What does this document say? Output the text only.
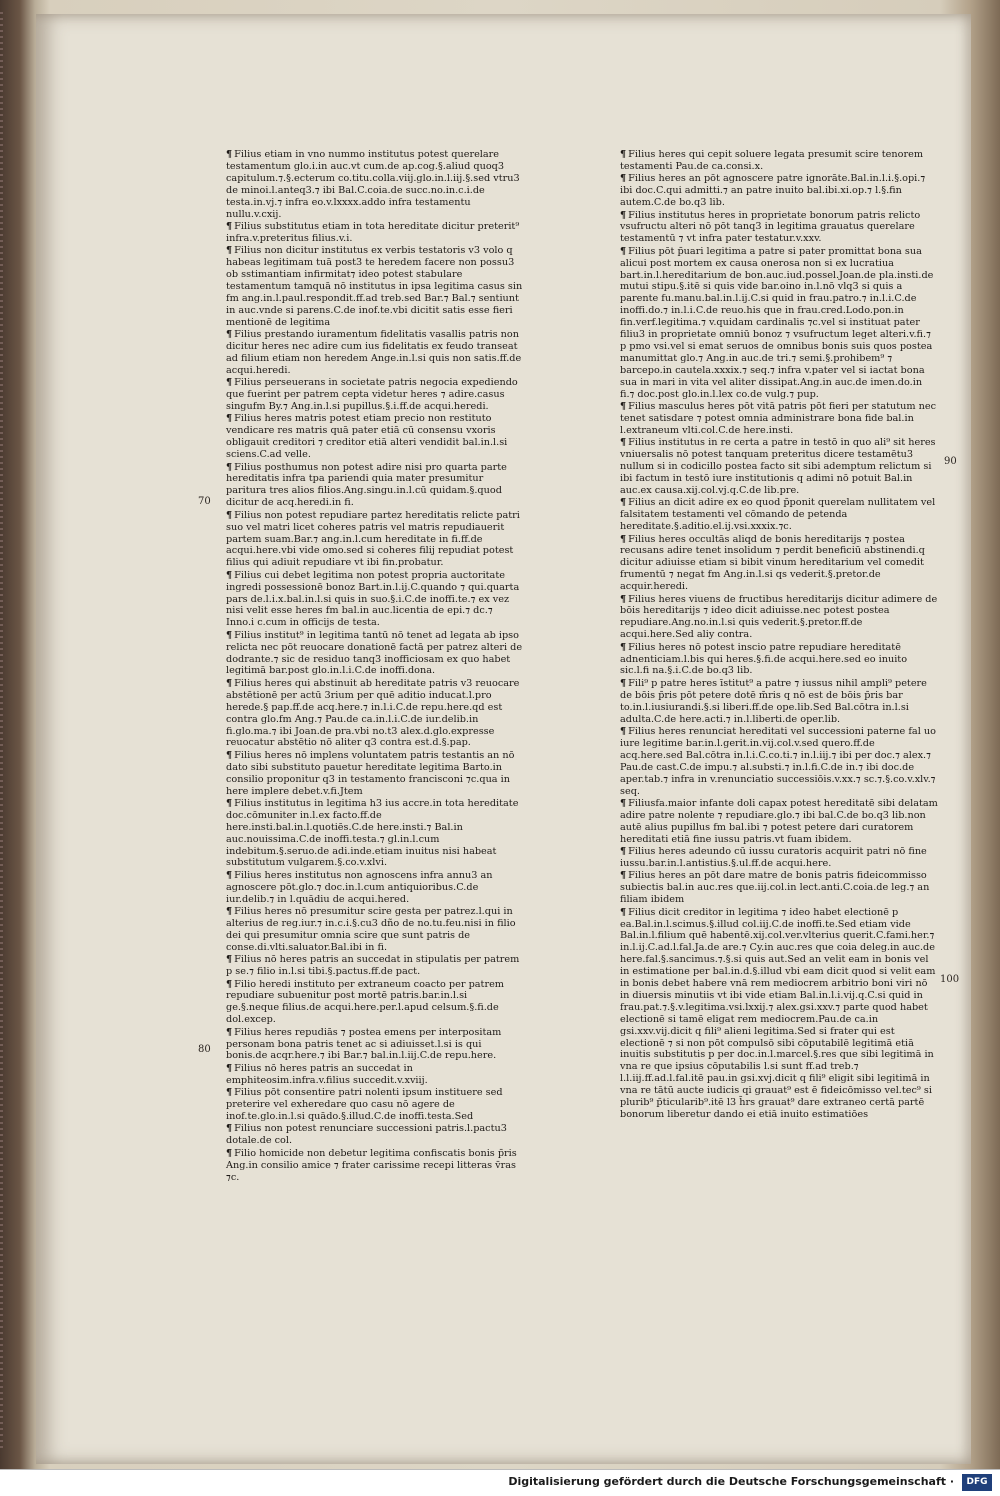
¶ Filius etiam in vno nummo institutus potest querelare testamentum glo.i.in auc.vt cum.de ap.cog.§.aliud quoq3 capitulum.⁊.§.ecterum co.titu.colla.viij.glo.in.l.iij.§.sed vtru3 de minoi.l.anteq3.⁊ ibi Bal.C.coia.de succ.no.in.c.i.de testa.in.vj.⁊ infra eo.v.lxxxx.addo infra testamentu nullu.v.cxij.

¶ Filius substitutus etiam in tota hereditate dicitur preterit⁹ infra.v.preteritus filius.v.i.

¶ Filius non dicitur institutus ex verbis testatoris v3 volo q habeas legitimam tuā post3 te heredem facere non possu3 ob sstimantiam infirmitat⁊ ideo potest stabulare testamentum tamquā nō institutus in ipsa legitima casus sin fm ang.in.l.paul.respondit.ff.ad treb.sed Bar.⁊ Bal.⁊ sentiunt in auc.vnde si parens.C.de inof.te.vbi dicitit satis esse fieri mentionē de legitima

¶ Filius prestando iuramentum fidelitatis vasallis patris non dicitur heres nec adire cum ius fidelitatis ex feudo transeat ad filium etiam non heredem Ange.in.l.si quis non satis.ff.de acqui.heredi.

¶ Filius perseuerans in societate patris negocia expediendo que fuerint per patrem cepta videtur heres ⁊ adire.casus singufm By.⁊ Ang.in.l.si pupillus.§.i.ff.de acqui.heredi.

¶ Filius heres matris potest etiam precio non restituto vendicare res matris quā pater etiā cū consensu vxoris obligauit creditori ⁊ creditor etiā alteri vendidit bal.in.l.si sciens.C.ad velle.

¶ Filius posthumus non potest adire nisi pro quarta parte hereditatis infra tpa pariendi quia mater presumitur paritura tres alios filios.Ang.singu.in.l.cū quidam.§.quod dicitur de acq.heredi.in fi.

¶ Filius non potest repudiare partez hereditatis relicte patri suo vel matri licet coheres patris vel matris repudiauerit partem suam.Bar.⁊ ang.in.l.cum hereditate in fi.ff.de acqui.here.vbi vide omo.sed si coheres filij repudiat potest filius qui adiuit repudiare vt ibi fin.probatur.

¶ Filius cui debet legitima non potest propria auctoritate ingredi possessionē bonoz Bart.in.l.ij.C.quando ⁊ qui.quarta pars de.l.i.x.bal.in.l.si quis in suo.§.i.C.de inoffi.te.⁊ ex vez nisi velit esse heres fm bal.in auc.licentia de epi.⁊ dc.⁊ Inno.i c.cum in officijs de testa.

¶ Filius institut⁹ in legitima tantū nō tenet ad legata ab ipso relicta nec pōt reuocare donationē factā per patrez alteri de dodrante.⁊ sic de residuo tanq3 inofficiosam ex quo habet legitimā bar.post glo.in.l.i.C.de inoffi.dona.

¶ Filius heres qui abstinuit ab hereditate patris v3 reuocare abstētionē per actū 3rium per quē aditio inducat.l.pro herede.§ pap.ff.de acq.here.⁊ in.l.i.C.de repu.here.qd est contra glo.fm Ang.⁊ Pau.de ca.in.l.i.C.de iur.delib.in fi.glo.ma.⁊ ibi Joan.de pra.vbi no.t3 alex.d.glo.expresse reuocatur abstētio nō aliter q3 contra est.d.§.pap.

¶ Filius heres nō implens voluntatem patris testantis an nō dato sibi substituto pauetur hereditate legitima Barto.in consilio proponitur q3 in testamento francisconi ⁊c.qua in here implere debet.v.fi.Jtem

¶ Filius institutus in legitima h3 ius accre.in tota hereditate doc.cōmuniter in.l.ex facto.ff.de here.insti.bal.in.l.quotiēs.C.de here.insti.⁊ Bal.in auc.nouissima.C.de inoffi.testa.⁊ gl.in.l.cum indebitum.§.seruo.de adi.inde.etiam inuitus nisi habeat substitutum vulgarem.§.co.v.xlvi.

¶ Filius heres institutus non agnoscens infra annu3 an agnoscere pōt.glo.⁊ doc.in.l.cum antiquioribus.C.de iur.delib.⁊ in l.quādiu de acqui.hered.

¶ Filius heres nō presumitur scire gesta per patrez.l.qui in alterius de reg.iur.⁊ in.c.i.§.cu3 dño de no.tu.feu.nisi in filio dei qui presumitur omnia scire que sunt patris de conse.di.vlti.saluator.Bal.ibi in fi.

¶ Filius nō heres patris an succedat in stipulatis per patrem p se.⁊ filio in.l.si tibi.§.pactus.ff.de pact.

¶ Filio heredi instituto per extraneum coacto per patrem repudiare subuenitur post mortē patris.bar.in.l.si ge.§.neque filius.de acqui.here.per.l.apud celsum.§.fi.de dol.excep.

¶ Filius heres repudiās ⁊ postea emens per interpositam personam bona patris tenet ac si adiuisset.l.si is qui bonis.de acqr.here.⁊ ibi Bar.⁊ bal.in.l.iij.C.de repu.here.

¶ Filius nō heres patris an succedat in emphiteosim.infra.v.filius succedit.v.xviij.

¶ Filius pōt consentire patri nolenti ipsum instituere sed preterire vel exheredare quo casu nō agere de inof.te.glo.in.l.si quādo.§.illud.C.de inoffi.testa.Sed

¶ Filius non potest renunciare successioni patris.l.pactu3 dotale.de col.

¶ Filio homicide non debetur legitima confiscatis bonis p̄ris Ang.in consilio amice ⁊ frater carissime recepi litteras v̄ras ⁊c.

¶ Filius heres qui cepit soluere legata presumit scire tenorem testamenti Pau.de ca.consi.x.

¶ Filius heres an pōt agnoscere patre ignorāte.Bal.in.l.i.§.opi.⁊ ibi doc.C.qui admitti.⁊ an patre inuito bal.ibi.xi.op.⁊ l.§.fin autem.C.de bo.q3 lib.

¶ Filius institutus heres in proprietate bonorum patris relicto vsufructu alteri nō pōt tanq3 in legitima grauatus querelare testamentū ⁊ vt infra pater testatur.v.xxv.

¶ Filius pōt p̄uari legitima a patre si pater promittat bona sua alicui post mortem ex causa onerosa non si ex lucratiua bart.in.l.hereditarium de bon.auc.iud.possel.Joan.de pla.insti.de mutui stipu.§.itē si quis vide bar.oino in.l.nō vlq3 si quis a parente fu.manu.bal.in.l.ij.C.si quid in frau.patro.⁊ in.l.i.C.de inoffi.do.⁊ in.l.i.C.de reuo.his que in frau.cred.Lodo.pon.in fin.verf.legitima.⁊ v.quidam cardinalis ⁊c.vel si instituat pater filiu3 in proprietate omniū bonoz ⁊ vsufructum leget alteri.v.fi.⁊ p pmo vsi.vel si emat seruos de omnibus bonis suis quos postea manumittat glo.⁊ Ang.in auc.de tri.⁊ semi.§.prohibem⁹ ⁊ barcepo.in cautela.xxxix.⁊ seq.⁊ infra v.pater vel si iactat bona sua in mari in vita vel aliter dissipat.Ang.in auc.de imen.do.in fi.⁊ doc.post glo.in.l.lex co.de vulg.⁊ pup.

¶ Filius masculus heres pōt vitā patris pōt fieri per statutum nec tenet satisdare ⁊ potest omnia administrare bona fide bal.in l.extraneum vlti.col.C.de here.insti.

¶ Filius institutus in re certa a patre in testō in quo ali⁹ sit heres vniuersalis nō potest tanquam preteritus dicere testamētu3 nullum si in codicillo postea facto sit sibi ademptum relictum si ibi factum in testō iure institutionis q adimi nō potuit Bal.in auc.ex causa.xij.col.vj.q.C.de lib.pre.

¶ Filius an dicit adire ex eo quod p̄ponit querelam nullitatem vel falsitatem testamenti vel cōmando de petenda hereditate.§.aditio.el.ij.vsi.xxxix.⁊c.

¶ Filius heres occultās aliqd de bonis hereditarijs ⁊ postea recusans adire tenet insolidum ⁊ perdit beneficiū abstinendi.q dicitur adiuisse etiam si bibit vinum hereditarium vel comedit frumentū ⁊ negat fm Ang.in.l.si qs vederit.§.pretor.de acquir.heredi.

¶ Filius heres viuens de fructibus hereditarijs dicitur adimere de bōis hereditarijs ⁊ ideo dicit adiuisse.nec potest postea repudiare.Ang.no.in.l.si quis vederit.§.pretor.ff.de acqui.here.Sed aliy contra.

¶ Filius heres nō potest inscio patre repudiare hereditatē adnenticiam.l.bis qui heres.§.fi.de acqui.here.sed eo inuito sic.l.fi na.§.i.C.de bo.q3 lib.

¶ Fili⁹ p patre heres īstitut⁹ a patre ⁊ iussus nihil ampli⁹ petere de bōis p̄ris pōt petere dotē m̄ris q nō est de bōis p̄ris bar to.in.l.iusiurandi.§.si liberi.ff.de ope.lib.Sed Bal.cōtra in.l.si adulta.C.de here.acti.⁊ in.l.liberti.de oper.lib.

¶ Filius heres renunciat hereditati vel successioni paterne fal uo iure legitime bar.in.l.gerit.in.vij.col.v.sed quero.ff.de acq.here.sed Bal.cōtra in.l.i.C.co.ti.⁊ in.l.iij.⁊ ibi per doc.⁊ alex.⁊ Pau.de cast.C.de impu.⁊ al.substi.⁊ in.l.fi.C.de in.⁊ ibi doc.de aper.tab.⁊ infra in v.renunciatio successiōis.v.xx.⁊ sc.⁊.§.co.v.xlv.⁊ seq.

¶ Filiusfa.maior infante doli capax potest hereditatē sibi delatam adire patre nolente ⁊ repudiare.glo.⁊ ibi bal.C.de bo.q3 lib.non autē alius pupillus fm bal.ibi ⁊ potest petere dari curatorem hereditati etiā fine iussu patris.vt fuam ibidem.

¶ Filius heres adeundo cū iussu curatoris acquirit patri nō fine iussu.bar.in.l.antistius.§.ul.ff.de acqui.here.

¶ Filius heres an pōt dare matre de bonis patris fideicommisso subiectis bal.in auc.res que.iij.col.in lect.anti.C.coia.de leg.⁊ an filiam ibidem

¶ Filius dicit creditor in legitima ⁊ ideo habet electionē p ea.Bal.in.l.scimus.§.illud col.iij.C.de inoffi.te.Sed etiam vide Bal.in.l.filium quē habentē.xij.col.ver.vlterius querit.C.fami.her.⁊ in.l.ij.C.ad.l.fal.Ja.de are.⁊ Cy.in auc.res que coia deleg.in auc.de here.fal.§.sancimus.⁊.§.si quis aut.Sed an velit eam in bonis vel in estimatione per bal.in.d.§.illud vbi eam dicit quod si velit eam in bonis debet habere vnā rem mediocrem arbitrio boni viri nō in diuersis minutiis vt ibi vide etiam Bal.in.l.i.vij.q.C.si quid in frau.pat.⁊.§.v.legitima.vsi.lxxij.⁊ alex.gsi.xxv.⁊ parte quod habet electionē si tamē eligat rem mediocrem.Pau.de ca.in gsi.xxv.vij.dicit q fili⁹ alieni legitima.Sed si frater qui est electionē ⁊ si non pōt compulsō sibi cōputabilē legitimā etiā inuitis substitutis p per doc.in.l.marcel.§.res que sibi legitimā in vna re que ipsius cōputabilis l.si sunt ff.ad treb.⁊ l.l.iij.ff.ad.l.fal.itē pau.in gsi.xvj.dicit q fili⁹ eligit sibi legitimā in vna re tātū aucte iudicis qi grauat⁹ est ē fideicōmisso vel.tec⁹ si plurib⁹ p̄ticularib⁹.itē l3 h̄rs grauat⁹ dare extraneo certā partē bonorum liberetur dando ei etiā inuito estimatiōes

70
80
90
100
Digitalisierung gefördert durch die Deutsche Forschungsgemeinschaft ·	DFG
